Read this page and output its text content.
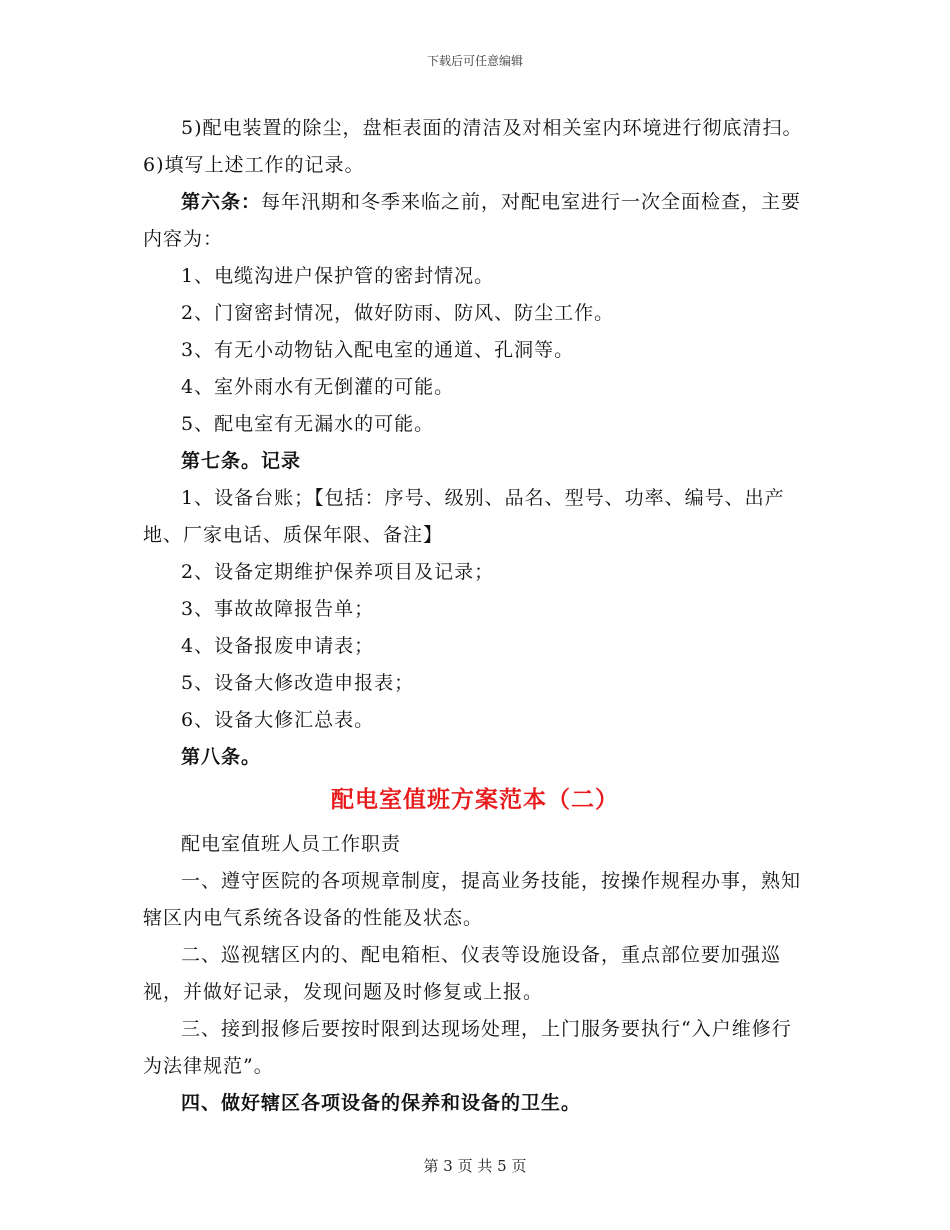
下载后可任意编辑

5)配电装置的除尘，盘柜表面的清洁及对相关室内环境进行彻底清扫。6)填写上述工作的记录。

第六条：每年汛期和冬季来临之前，对配电室进行一次全面检查，主要内容为：

1、电缆沟进户保护管的密封情况。

2、门窗密封情况，做好防雨、防风、防尘工作。

3、有无小动物钻入配电室的通道、孔洞等。

4、室外雨水有无倒灌的可能。

5、配电室有无漏水的可能。

第七条。记录

1、设备台账；【包括：序号、级别、品名、型号、功率、编号、出产地、厂家电话、质保年限、备注】

2、设备定期维护保养项目及记录；

3、事故故障报告单；

4、设备报废申请表；

5、设备大修改造申报表；

6、设备大修汇总表。

第八条。

配电室值班方案范本（二）

配电室值班人员工作职责

一、遵守医院的各项规章制度，提高业务技能，按操作规程办事，熟知辖区内电气系统各设备的性能及状态。

二、巡视辖区内的、配电箱柜、仪表等设施设备，重点部位要加强巡视，并做好记录，发现问题及时修复或上报。

三、接到报修后要按时限到达现场处理，上门服务要执行“入户维修行为法律规范”。

四、做好辖区各项设备的保养和设备的卫生。

第 3 页 共 5 页
